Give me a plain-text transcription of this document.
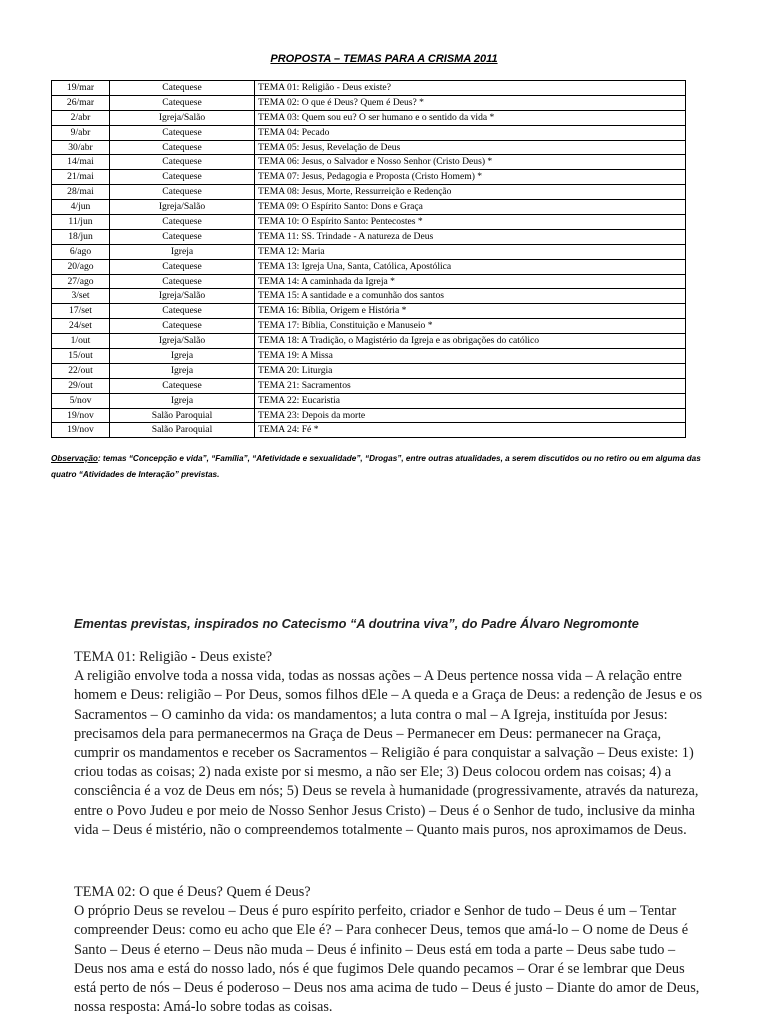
PROPOSTA – TEMAS PARA A CRISMA 2011
19/mar	Catequese	TEMA 01: Religião - Deus existe?
26/mar	Catequese	TEMA 02: O que é Deus? Quem é Deus? *
2/abr	Igreja/Salão	TEMA 03: Quem sou eu? O ser humano e o sentido da vida *
9/abr	Catequese	TEMA 04: Pecado
30/abr	Catequese	TEMA 05: Jesus, Revelação de Deus
14/mai	Catequese	TEMA 06: Jesus, o Salvador e Nosso Senhor (Cristo Deus) *
21/mai	Catequese	TEMA 07: Jesus, Pedagogia e Proposta (Cristo Homem) *
28/mai	Catequese	TEMA 08: Jesus, Morte, Ressurreição e Redenção
4/jun	Igreja/Salão	TEMA 09: O Espírito Santo: Dons e Graça
11/jun	Catequese	TEMA 10: O Espírito Santo: Pentecostes *
18/jun	Catequese	TEMA 11: SS. Trindade - A natureza de Deus
6/ago	Igreja	TEMA 12: Maria
20/ago	Catequese	TEMA 13: Igreja Una, Santa, Católica, Apostólica
27/ago	Catequese	TEMA 14: A caminhada da Igreja *
3/set	Igreja/Salão	TEMA 15: A santidade e a comunhão dos santos
17/set	Catequese	TEMA 16: Bíblia, Origem e História *
24/set	Catequese	TEMA 17: Bíblia, Constituição e Manuseio *
1/out	Igreja/Salão	TEMA 18: A Tradição, o Magistério da Igreja e as obrigações do católico
15/out	Igreja	TEMA 19: A Missa
22/out	Igreja	TEMA 20: Liturgia
29/out	Catequese	TEMA 21: Sacramentos
5/nov	Igreja	TEMA 22: Eucaristia
19/nov	Salão Paroquial	TEMA 23: Depois da morte
19/nov	Salão Paroquial	TEMA 24: Fé *
Observação: temas “Concepção e vida”, “Família”, “Afetividade e sexualidade”, “Drogas”, entre outras atualidades, a serem discutidos ou no retiro ou em alguma das quatro “Atividades de Interação” previstas.
Ementas previstas, inspirados no Catecismo “A doutrina viva”, do Padre Álvaro Negromonte
TEMA 01: Religião - Deus existe?

A religião envolve toda a nossa vida, todas as nossas ações – A Deus pertence nossa vida – A relação entre homem e Deus: religião – Por Deus, somos filhos dEle – A queda e a Graça de Deus: a redenção de Jesus e os Sacramentos – O caminho da vida: os mandamentos; a luta contra o mal – A Igreja, instituída por Jesus: precisamos dela para permanecermos na Graça de Deus – Permanecer em Deus: permanecer na Graça, cumprir os mandamentos e receber os Sacramentos – Religião é para conquistar a salvação – Deus existe: 1) criou todas as coisas; 2) nada existe por si mesmo, a não ser Ele; 3) Deus colocou ordem nas coisas; 4) a consciência é a voz de Deus em nós; 5) Deus se revela à humanidade (progressivamente, através da natureza, entre o Povo Judeu e por meio de Nosso Senhor Jesus Cristo) – Deus é o Senhor de tudo, inclusive da minha vida – Deus é mistério, não o compreendemos totalmente – Quanto mais puros, nos aproximamos de Deus.

TEMA 02: O que é Deus? Quem é Deus?

O próprio Deus se revelou – Deus é puro espírito perfeito, criador e Senhor de tudo – Deus é um – Tentar compreender Deus: como eu acho que Ele é? – Para conhecer Deus, temos que amá-lo – O nome de Deus é Santo – Deus é eterno – Deus não muda – Deus é infinito – Deus está em toda a parte – Deus sabe tudo – Deus nos ama e está do nosso lado, nós é que fugimos Dele quando pecamos – Orar é se lembrar que Deus está perto de nós – Deus é poderoso – Deus nos ama acima de tudo – Deus é justo – Diante do amor de Deus, nossa resposta: Amá-lo sobre todas as coisas.
